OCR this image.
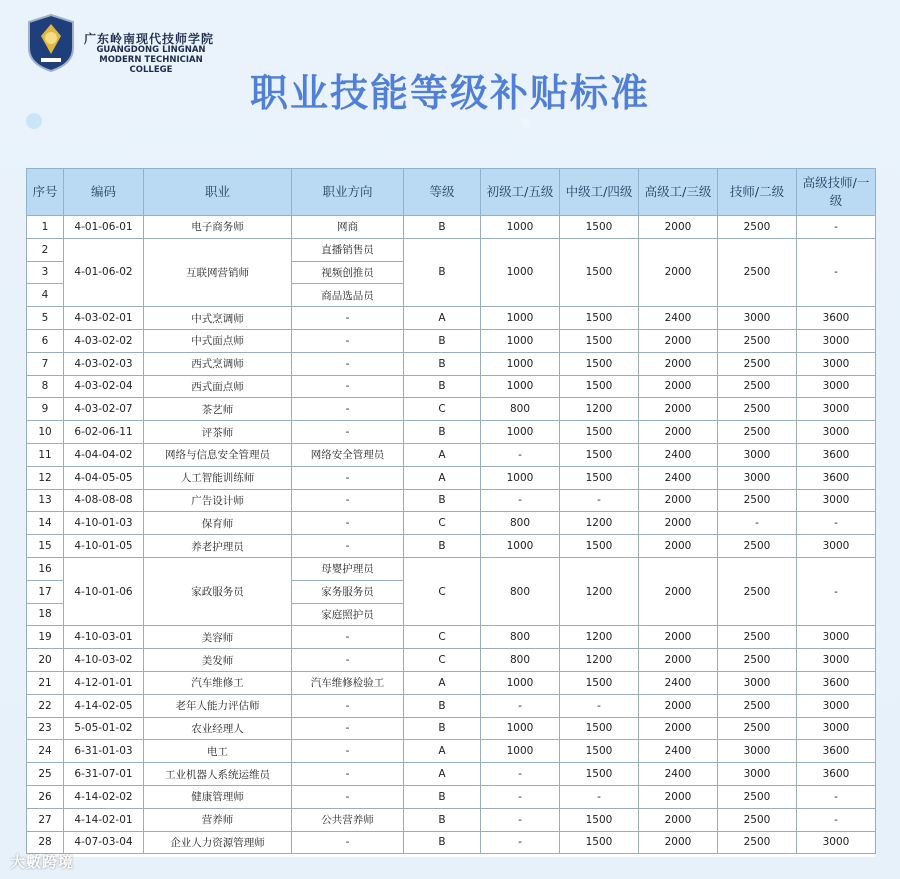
广东岭南现代技师学院
GUANGDONG LINGNAN
MODERN TECHNICIAN COLLEGE
职业技能等级补贴标准
序号	编码	职业	职业方向	等级	初级工/五级	中级工/四级	高级工/三级	技师/二级	高级技师/一级
1	4-01-06-01	电子商务师	网商	B	1000	1500	2000	2500	-
2	4-01-06-02	互联网营销师	直播销售员	B	1000	1500	2000	2500	-
3			视频创推员						
4			商品选品员						
5	4-03-02-01	中式烹调师	-	A	1000	1500	2400	3000	3600
6	4-03-02-02	中式面点师	-	B	1000	1500	2000	2500	3000
7	4-03-02-03	西式烹调师	-	B	1000	1500	2000	2500	3000
8	4-03-02-04	西式面点师	-	B	1000	1500	2000	2500	3000
9	4-03-02-07	茶艺师	-	C	800	1200	2000	2500	3000
10	6-02-06-11	评茶师	-	B	1000	1500	2000	2500	3000
11	4-04-04-02	网络与信息安全管理员	网络安全管理员	A	-	1500	2400	3000	3600
12	4-04-05-05	人工智能训练师	-	A	1000	1500	2400	3000	3600
13	4-08-08-08	广告设计师	-	B	-	-	2000	2500	3000
14	4-10-01-03	保育师	-	C	800	1200	2000	-	-
15	4-10-01-05	养老护理员	-	B	1000	1500	2000	2500	3000
16	4-10-01-06	家政服务员	母婴护理员	C	800	1200	2000	2500	-
17			家务服务员						
18			家庭照护员						
19	4-10-03-01	美容师	-	C	800	1200	2000	2500	3000
20	4-10-03-02	美发师	-	C	800	1200	2000	2500	3000
21	4-12-01-01	汽车维修工	汽车维修检验工	A	1000	1500	2400	3000	3600
22	4-14-02-05	老年人能力评估师	-	B	-	-	2000	2500	3000
23	5-05-01-02	农业经理人	-	B	1000	1500	2000	2500	3000
24	6-31-01-03	电工	-	A	1000	1500	2400	3000	3600
25	6-31-07-01	工业机器人系统运维员	-	A	-	1500	2400	3000	3600
26	4-14-02-02	健康管理师	-	B	-	-	2000	2500	-
27	4-14-02-01	营养师	公共营养师	B	-	1500	2000	2500	-
28	4-07-03-04	企业人力资源管理师	-	B	-	1500	2000	2500	3000
大數跨境
